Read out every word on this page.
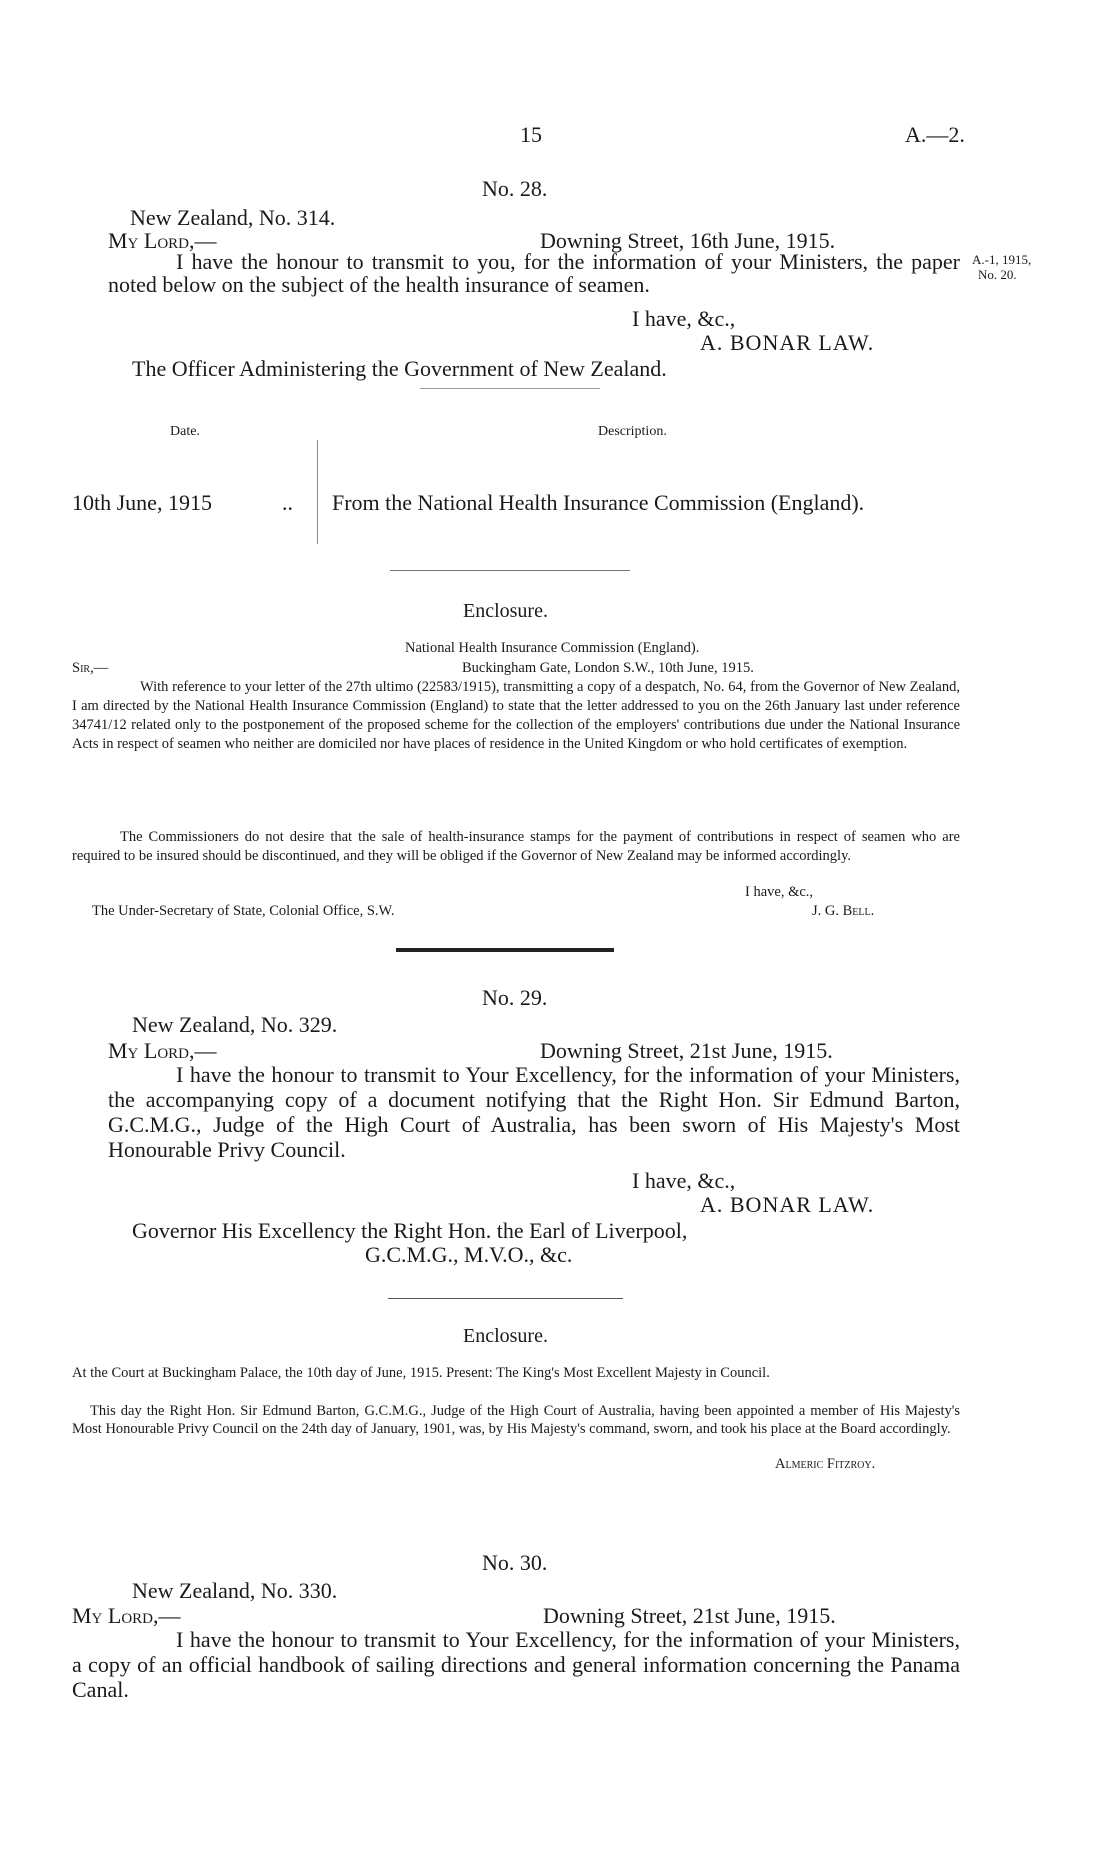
15	A.—2.
No. 28.
New Zealand, No. 314.
My Lord,—	Downing Street, 16th June, 1915.
I have the honour to transmit to you, for the information of your Ministers, the paper noted below on the subject of the health insurance of seamen.
A.-1, 1915,
No. 20.
I have, &c.,
A. BONAR LAW.
The Officer Administering the Government of New Zealand.
Date.	Description.
10th June, 1915	.. From the National Health Insurance Commission (England).
Enclosure.
National Health Insurance Commission (England).
Sir,—	Buckingham Gate, London S.W., 10th June, 1915.
With reference to your letter of the 27th ultimo (22583/1915), transmitting a copy of a despatch, No. 64, from the Governor of New Zealand, I am directed by the National Health Insurance Commission (England) to state that the letter addressed to you on the 26th January last under reference 34741/12 related only to the postponement of the proposed scheme for the collection of the employers' contributions due under the National Insurance Acts in respect of seamen who neither are domiciled nor have places of residence in the United Kingdom or who hold certificates of exemption.
The Commissioners do not desire that the sale of health-insurance stamps for the payment of contributions in respect of seamen who are required to be insured should be discontinued, and they will be obliged if the Governor of New Zealand may be informed accordingly.
I have, &c.,
The Under-Secretary of State, Colonial Office, S.W.	J. G. Bell.
No. 29.
New Zealand, No. 329.
My Lord,—	Downing Street, 21st June, 1915.
I have the honour to transmit to Your Excellency, for the information of your Ministers, the accompanying copy of a document notifying that the Right Hon. Sir Edmund Barton, G.C.M.G., Judge of the High Court of Australia, has been sworn of His Majesty's Most Honourable Privy Council.
I have, &c.,
A. BONAR LAW.
Governor His Excellency the Right Hon. the Earl of Liverpool,
G.C.M.G., M.V.O., &c.
Enclosure.
At the Court at Buckingham Palace, the 10th day of June, 1915. Present: The King's Most Excellent Majesty in Council.
This day the Right Hon. Sir Edmund Barton, G.C.M.G., Judge of the High Court of Australia, having been appointed a member of His Majesty's Most Honourable Privy Council on the 24th day of January, 1901, was, by His Majesty's command, sworn, and took his place at the Board accordingly.
Almeric Fitzroy.
No. 30.
New Zealand, No. 330.
My Lord,—	Downing Street, 21st June, 1915.
I have the honour to transmit to Your Excellency, for the information of your Ministers, a copy of an official handbook of sailing directions and general information concerning the Panama Canal.
